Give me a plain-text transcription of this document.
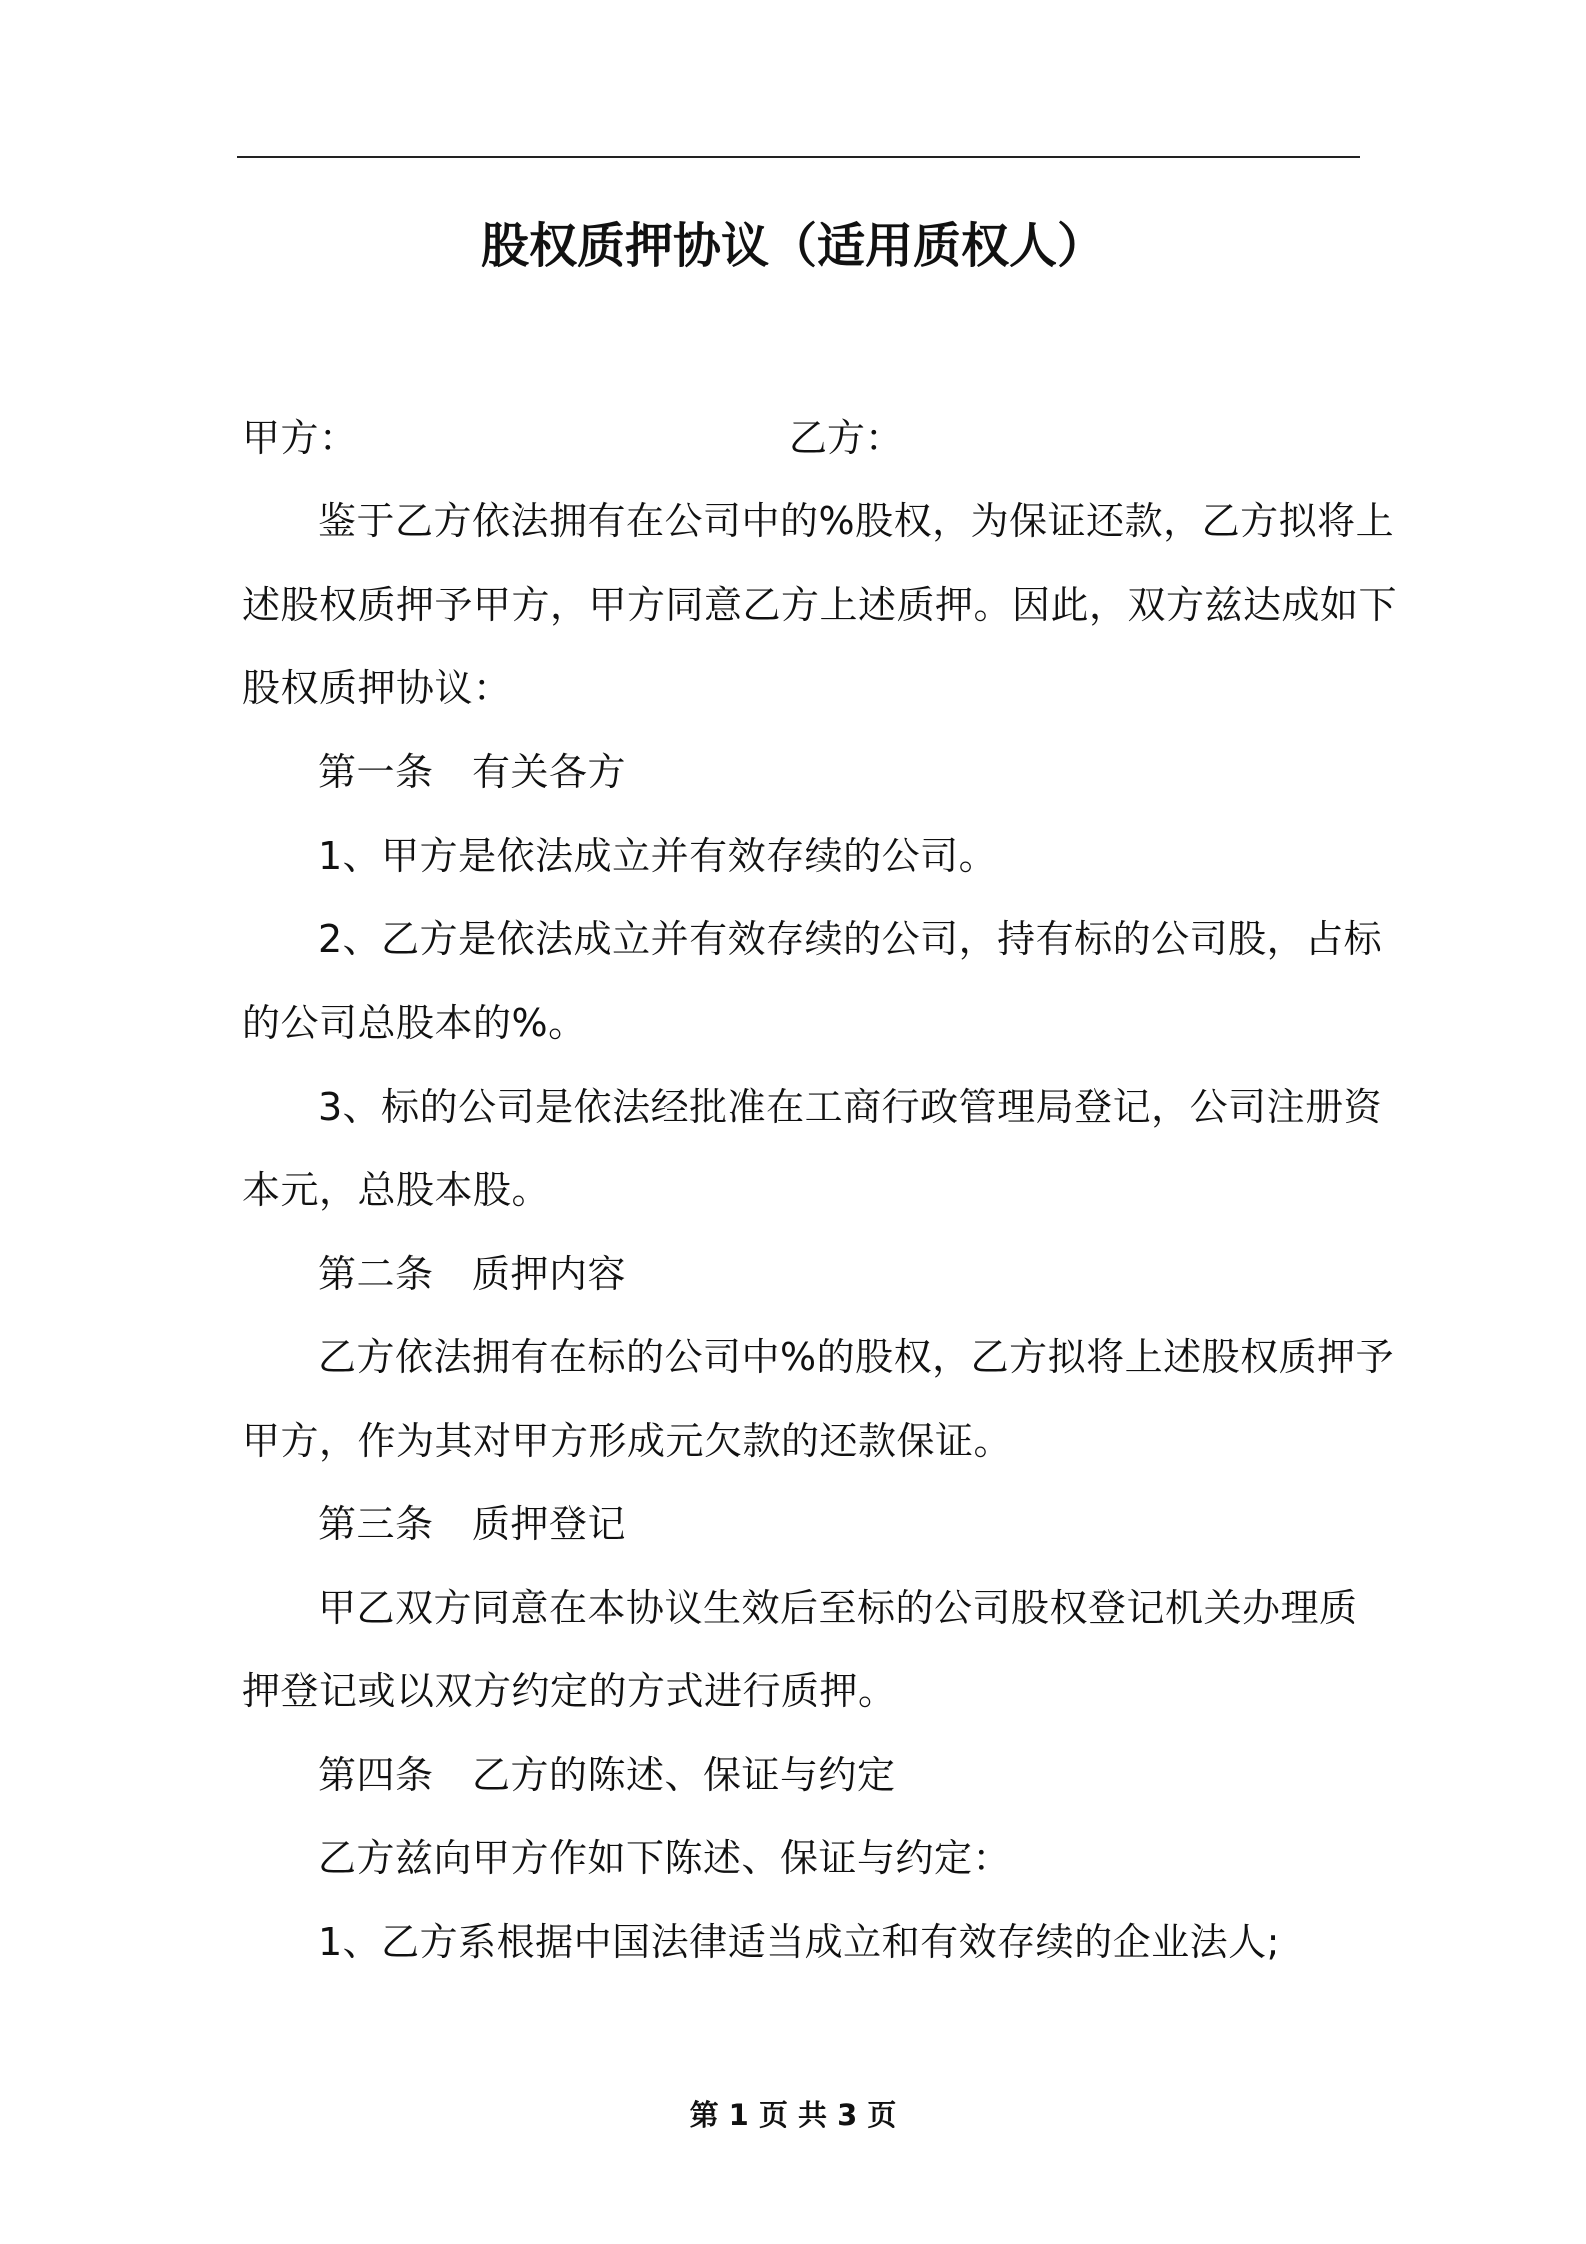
股权质押协议（适用质权人）
甲方：	乙方：
鉴于乙方依法拥有在公司中的%股权，为保证还款，乙方拟将上
述股权质押予甲方，甲方同意乙方上述质押。因此，双方兹达成如下
股权质押协议：
第一条　有关各方
1、甲方是依法成立并有效存续的公司。
2、乙方是依法成立并有效存续的公司，持有标的公司股，占标
的公司总股本的%。
3、标的公司是依法经批准在工商行政管理局登记，公司注册资
本元，总股本股。
第二条　质押内容
乙方依法拥有在标的公司中%的股权，乙方拟将上述股权质押予
甲方，作为其对甲方形成元欠款的还款保证。
第三条　质押登记
甲乙双方同意在本协议生效后至标的公司股权登记机关办理质
押登记或以双方约定的方式进行质押。
第四条　乙方的陈述、保证与约定
乙方兹向甲方作如下陈述、保证与约定：
1、乙方系根据中国法律适当成立和有效存续的企业法人;
第 1 页 共 3 页
